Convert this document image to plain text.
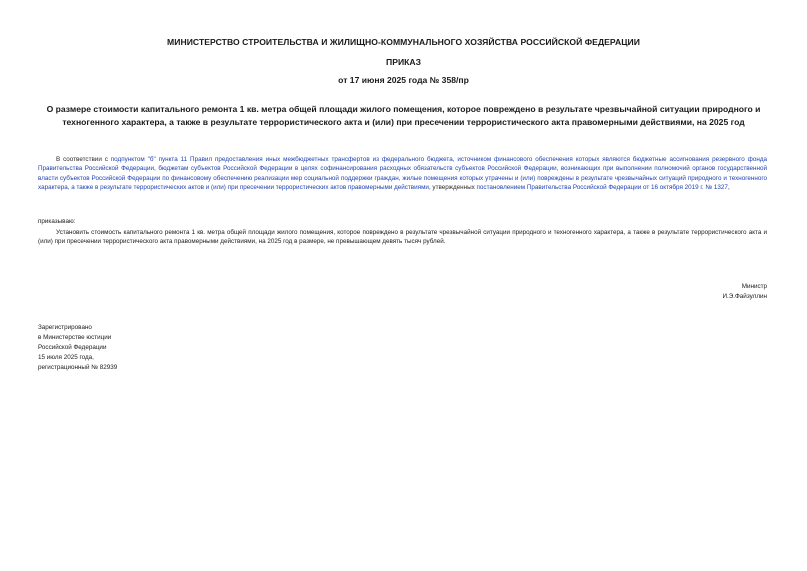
МИНИСТЕРСТВО СТРОИТЕЛЬСТВА И ЖИЛИЩНО-КОММУНАЛЬНОГО ХОЗЯЙСТВА РОССИЙСКОЙ ФЕДЕРАЦИИ
ПРИКАЗ
от 17 июня 2025 года № 358/пр
О размере стоимости капитального ремонта 1 кв. метра общей площади жилого помещения, которое повреждено в результате чрезвычайной ситуации природного и техногенного характера, а также в результате террористического акта и (или) при пресечении террористического акта правомерными действиями, на 2025 год
В соответствии с подпунктом "б" пункта 11 Правил предоставления иных межбюджетных трансфертов из федерального бюджета, источником финансового обеспечения которых являются бюджетные ассигнования резервного фонда Правительства Российской Федерации, бюджетам субъектов Российской Федерации в целях софинансирования расходных обязательств субъектов Российской Федерации, возникающих при выполнении полномочий органов государственной власти субъектов Российской Федерации по финансовому обеспечению реализации мер социальной поддержки граждан, жилые помещения которых утрачены и (или) повреждены в результате чрезвычайных ситуаций природного и техногенного характера, а также в результате террористических актов и (или) при пресечении террористических актов правомерными действиями, утвержденных постановлением Правительства Российской Федерации от 16 октября 2019 г. № 1327,
приказываю:
Установить стоимость капитального ремонта 1 кв. метра общей площади жилого помещения, которое повреждено в результате чрезвычайной ситуации природного и техногенного характера, а также в результате террористического акта и (или) при пресечении террористического акта правомерными действиями, на 2025 год в размере, не превышающем девять тысяч рублей.
Министр
И.Э.Файзуллин
Зарегистрировано
в Министерстве юстиции
Российской Федерации
15 июля 2025 года,
регистрационный № 82939
